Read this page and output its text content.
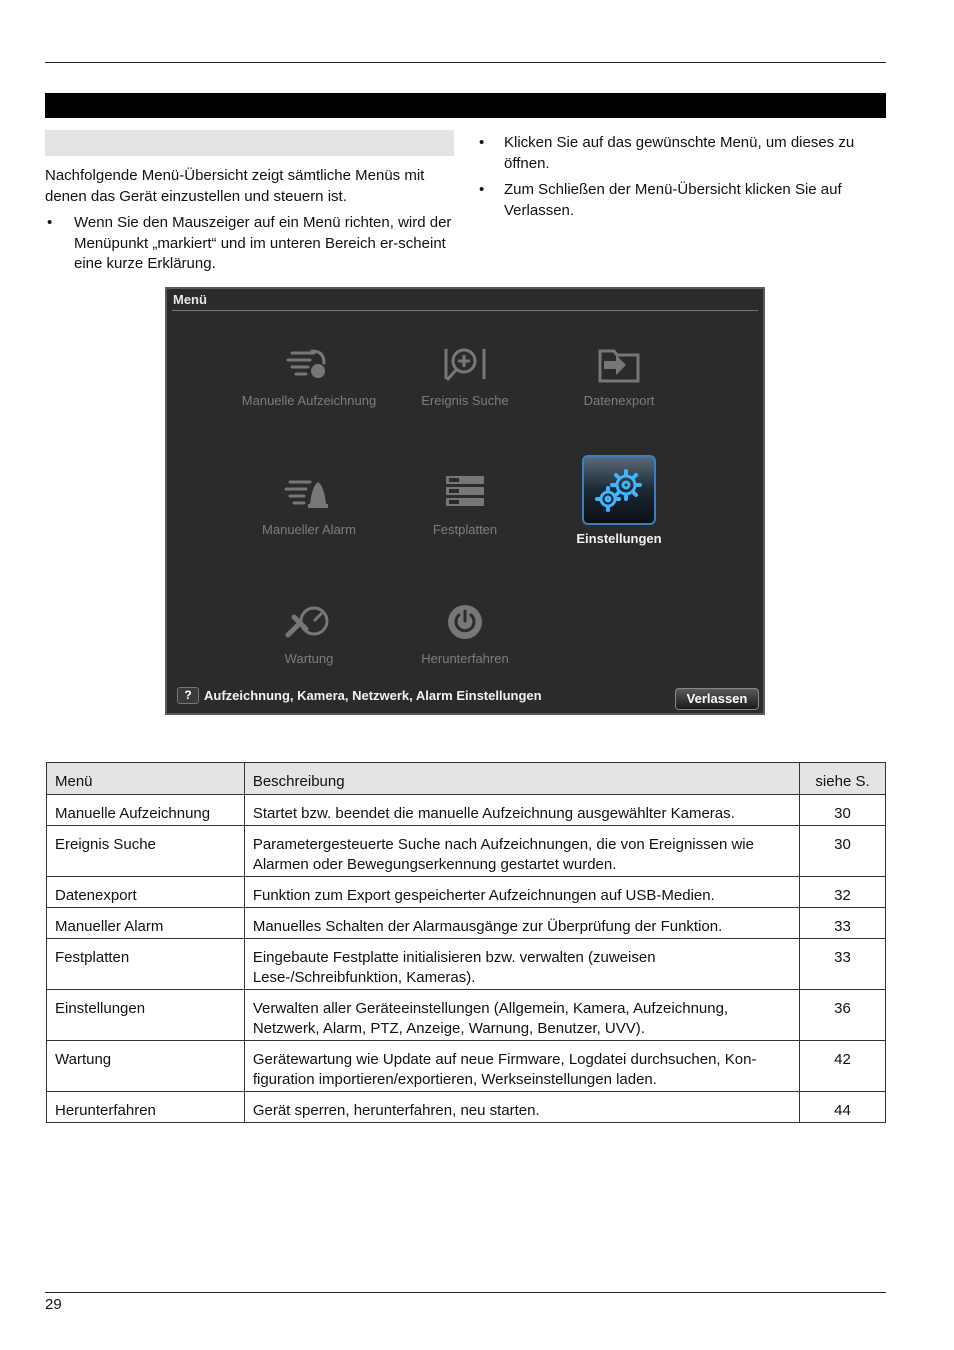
Nachfolgende Menü-Übersicht zeigt sämtliche Menüs mit denen das Gerät einzustellen und steuern ist.
• Wenn Sie den Mauszeiger auf ein Menü richten, wird der Menüpunkt „markiert“ und im unteren Bereich er-scheint eine kurze Erklärung.
• Klicken Sie auf das gewünschte Menü, um dieses zu öffnen.
• Zum Schließen der Menü-Übersicht klicken Sie auf Verlassen.
Menü
Manuelle Aufzeichnung	Ereignis Suche	Datenexport
Manueller Alarm	Festplatten
Einstellungen
Wartung	Herunterfahren
? Aufzeichnung, Kamera, Netzwerk, Alarm Einstellungen	Verlassen
Menü	Beschreibung	siehe S.
Manuelle Aufzeichnung	Startet bzw. beendet die manuelle Aufzeichnung ausgewählter Kameras.	30
Ereignis Suche	Parametergesteuerte Suche nach Aufzeichnungen, die von Ereignissen wie Alarmen oder Bewegungserkennung gestartet wurden.	30
Datenexport	Funktion zum Export gespeicherter Aufzeichnungen auf USB-Medien.	32
Manueller Alarm	Manuelles Schalten der Alarmausgänge zur Überprüfung der Funktion.	33
Festplatten	Eingebaute Festplatte initialisieren bzw. verwalten (zuweisen Lese-/Schreibfunktion, Kameras).	33
Einstellungen	Verwalten aller Geräteeinstellungen (Allgemein, Kamera, Aufzeichnung, Netzwerk, Alarm, PTZ, Anzeige, Warnung, Benutzer, UVV).	36
Wartung	Gerätewartung wie Update auf neue Firmware, Logdatei durchsuchen, Kon-figuration importieren/exportieren, Werkseinstellungen laden.	42
Herunterfahren	Gerät sperren, herunterfahren, neu starten.	44
29
